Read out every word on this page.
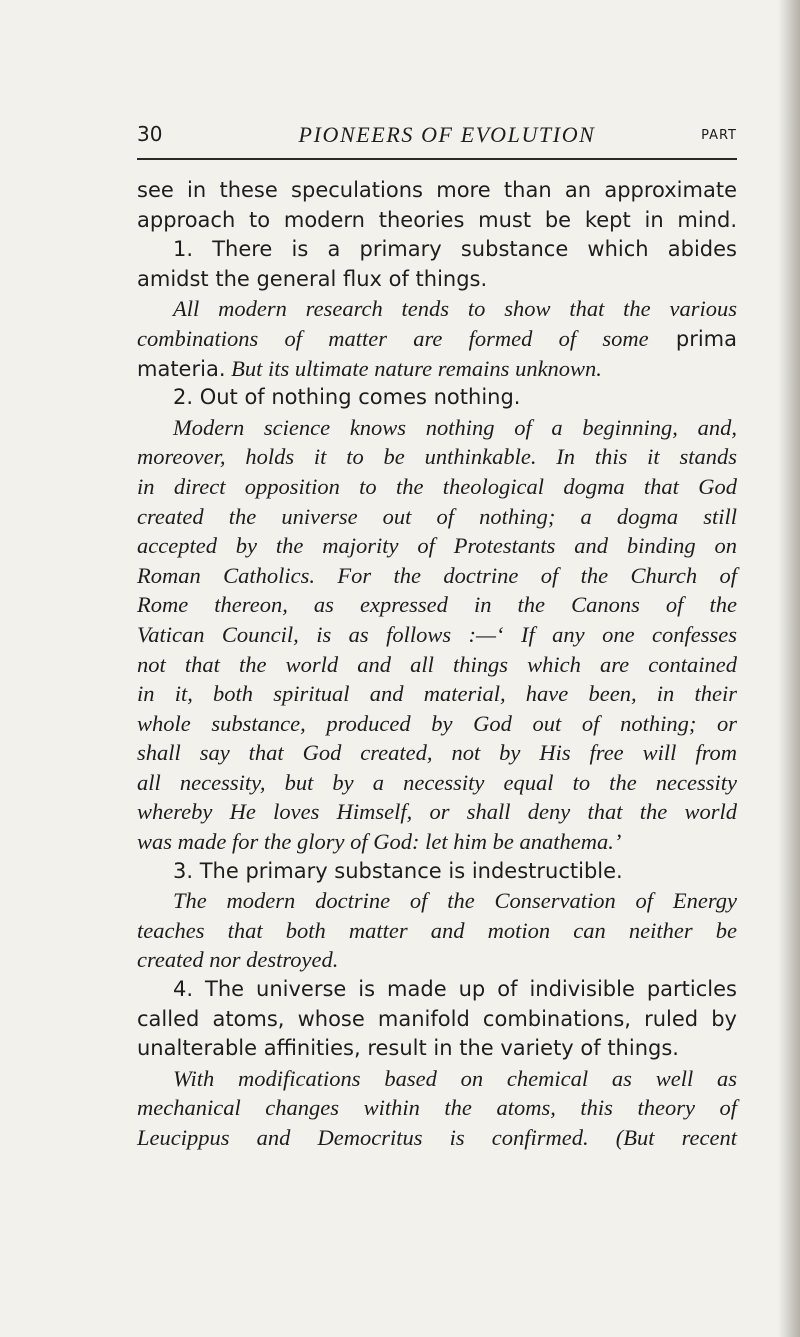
30	PIONEERS OF EVOLUTION	PART
see in these speculations more than an approximate
approach to modern theories must be kept in mind.
1. There is a primary substance which abides
amidst the general flux of things.
All modern research tends to show that the various
combinations of matter are formed of some prima
materia. But its ultimate nature remains unknown.
2. Out of nothing comes nothing.
Modern science knows nothing of a beginning, and,
moreover, holds it to be unthinkable. In this it stands
in direct opposition to the theological dogma that God
created the universe out of nothing; a dogma still
accepted by the majority of Protestants and binding on
Roman Catholics. For the doctrine of the Church of
Rome thereon, as expressed in the Canons of the
Vatican Council, is as follows :—‘ If any one confesses
not that the world and all things which are contained
in it, both spiritual and material, have been, in their
whole substance, produced by God out of nothing; or
shall say that God created, not by His free will from
all necessity, but by a necessity equal to the necessity
whereby He loves Himself, or shall deny that the world
was made for the glory of God: let him be anathema.’
3. The primary substance is indestructible.
The modern doctrine of the Conservation of Energy
teaches that both matter and motion can neither be
created nor destroyed.
4. The universe is made up of indivisible particles
called atoms, whose manifold combinations, ruled by
unalterable affinities, result in the variety of things.
With modifications based on chemical as well as
mechanical changes within the atoms, this theory of
Leucippus and Democritus is confirmed. (But recent
